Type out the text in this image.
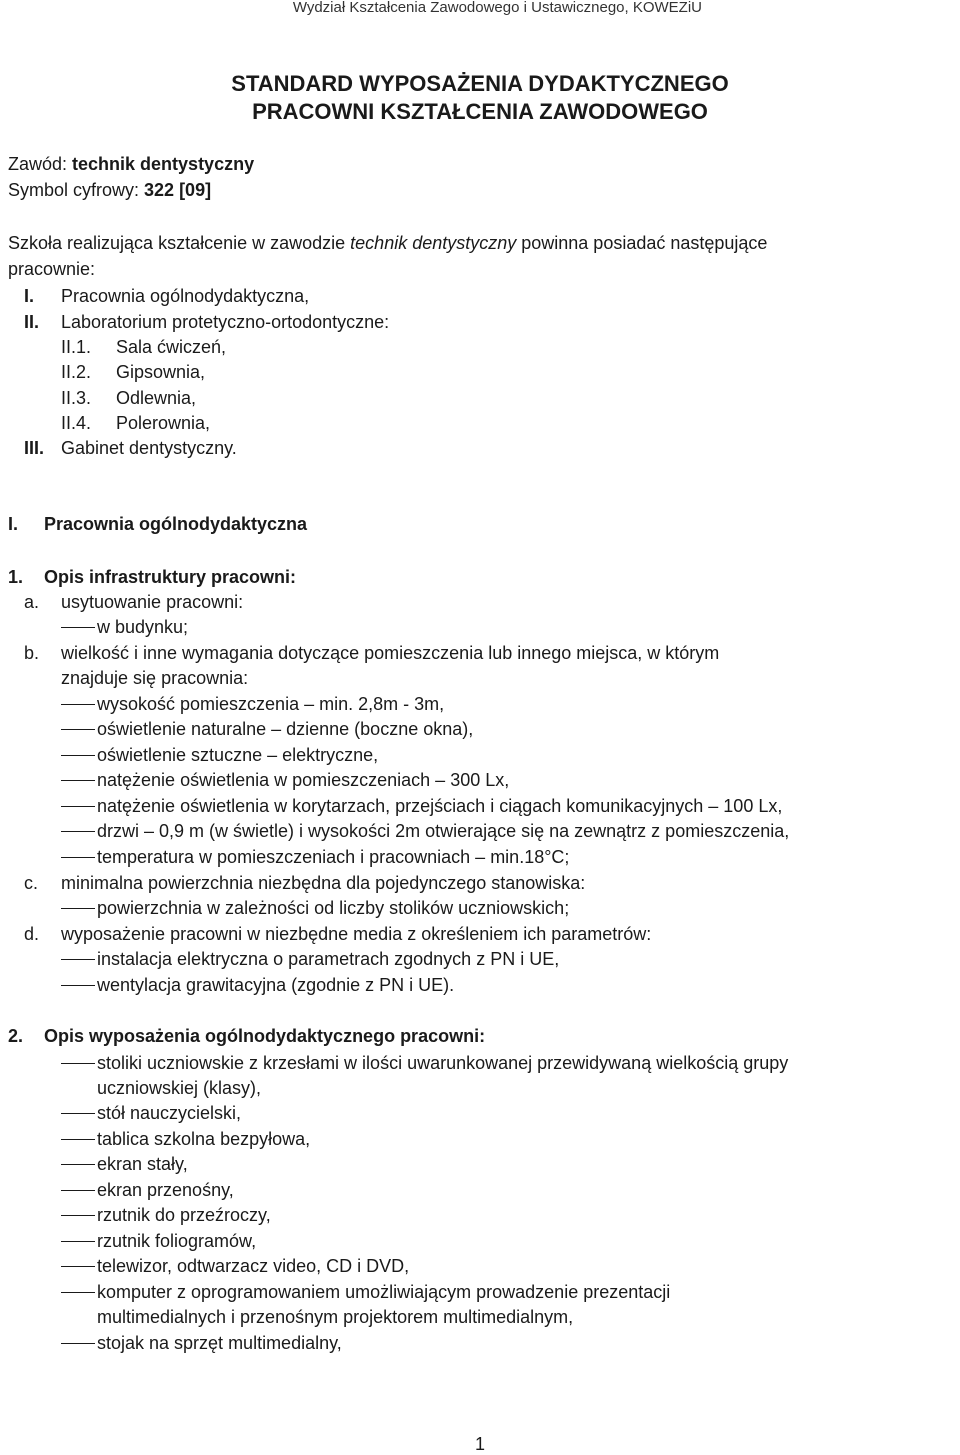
Wydział Kształcenia Zawodowego i Ustawicznego, KOWEZiU
STANDARD WYPOSAŻENIA DYDAKTYCZNEGO
PRACOWNI KSZTAŁCENIA ZAWODOWEGO
Zawód: technik dentystyczny
Symbol cyfrowy: 322 [09]
Szkoła realizująca kształcenie w zawodzie technik dentystyczny powinna posiadać następujące
pracownie:
I. Pracownia ogólnodydaktyczna,
II. Laboratorium protetyczno-ortodontyczne:
II.1. Sala ćwiczeń,
II.2. Gipsownia,
II.3. Odlewnia,
II.4. Polerownia,
III. Gabinet dentystyczny.
I. Pracownia ogólnodydaktyczna
1. Opis infrastruktury pracowni:
a. usytuowanie pracowni:
w budynku;
b. wielkość i inne wymagania dotyczące pomieszczenia lub innego miejsca, w którym
znajduje się pracownia:
wysokość pomieszczenia – min. 2,8m - 3m,
oświetlenie naturalne – dzienne (boczne okna),
oświetlenie sztuczne – elektryczne,
natężenie oświetlenia w pomieszczeniach – 300 Lx,
natężenie oświetlenia w korytarzach, przejściach i ciągach komunikacyjnych – 100 Lx,
drzwi – 0,9 m (w świetle) i wysokości 2m otwierające się na zewnątrz z pomieszczenia,
temperatura w pomieszczeniach i pracowniach – min.18°C;
c. minimalna powierzchnia niezbędna dla pojedynczego stanowiska:
powierzchnia w zależności od liczby stolików uczniowskich;
d. wyposażenie pracowni w niezbędne media z określeniem ich parametrów:
instalacja elektryczna o parametrach zgodnych z PN i UE,
wentylacja grawitacyjna (zgodnie z PN i UE).
2. Opis wyposażenia ogólnodydaktycznego pracowni:
stoliki uczniowskie z krzesłami w ilości uwarunkowanej przewidywaną wielkością grupy
uczniowskiej (klasy),
stół nauczycielski,
tablica szkolna bezpyłowa,
ekran stały,
ekran przenośny,
rzutnik do przeźroczy,
rzutnik foliogramów,
telewizor, odtwarzacz video, CD i DVD,
komputer z oprogramowaniem umożliwiającym prowadzenie prezentacji
multimedialnych i przenośnym projektorem multimedialnym,
stojak na sprzęt multimedialny,
1
